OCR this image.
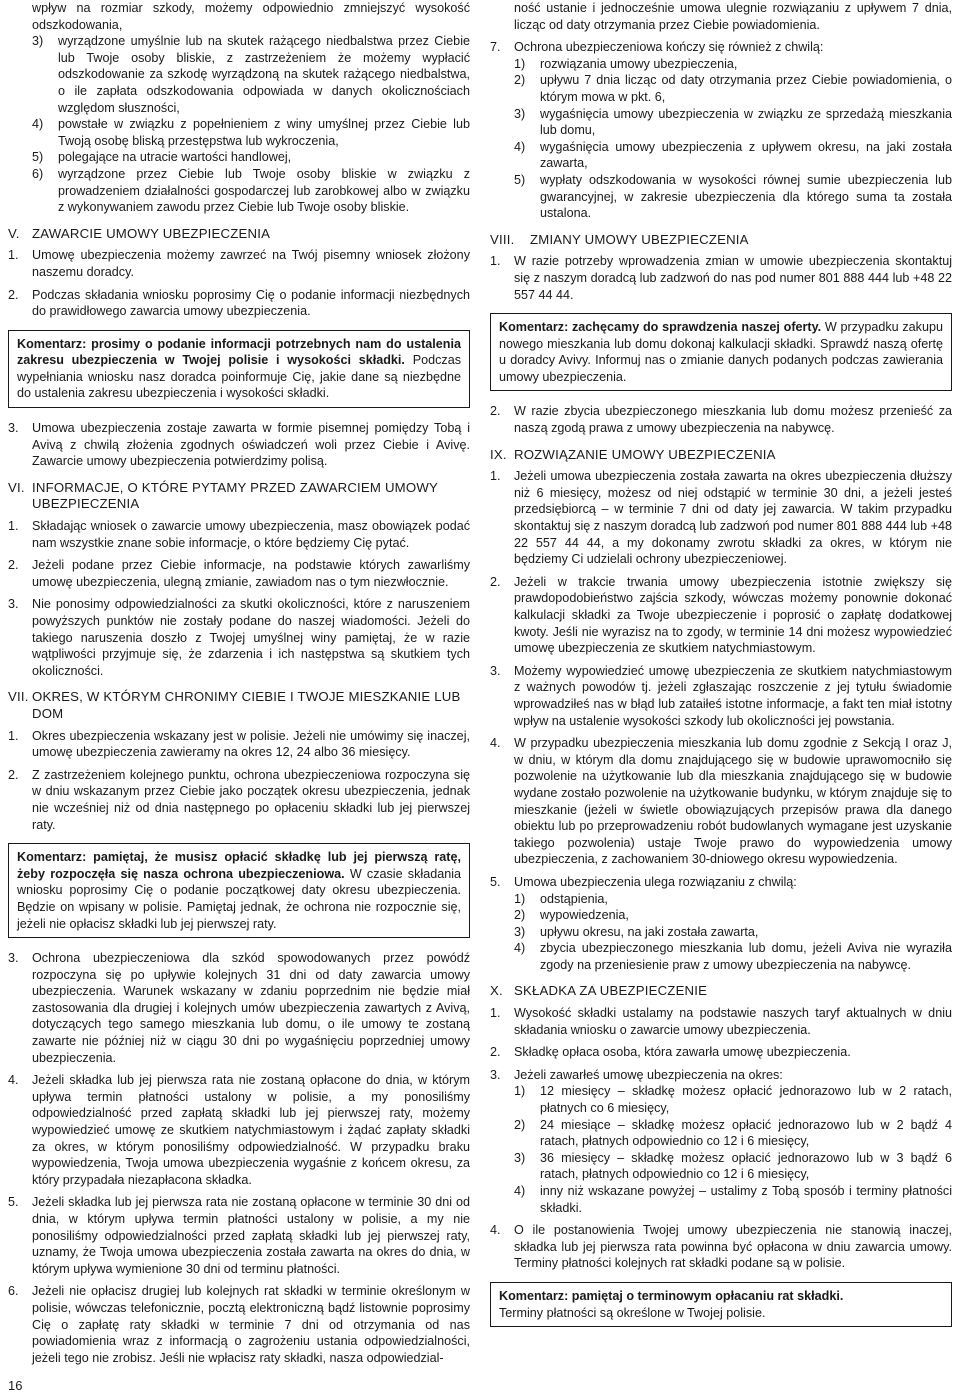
wpływ na rozmiar szkody, możemy odpowiednio zmniejszyć wysokość odszkodowania,
3)	wyrządzone umyślnie lub na skutek rażącego niedbalstwa przez Ciebie lub Twoje osoby bliskie, z zastrzeżeniem że możemy wypłacić odszkodowanie za szkodę wyrządzoną na skutek rażącego niedbalstwa, o ile zapłata odszkodowania odpowiada w danych okolicznościach względom słuszności,
4)	powstałe w związku z popełnieniem z winy umyślnej przez Ciebie lub Twoją osobę bliską przestępstwa lub wykroczenia,
5)	polegające na utracie wartości handlowej,
6)	wyrządzone przez Ciebie lub Twoje osoby bliskie w związku z prowadzeniem działalności gospodarczej lub zarobkowej albo w związku z wykonywaniem zawodu przez Ciebie lub Twoje osoby bliskie.
V. ZAWARCIE UMOWY UBEZPIECZENIA
1.	Umowę ubezpieczenia możemy zawrzeć na Twój pisemny wniosek złożony naszemu doradcy.
2.	Podczas składania wniosku poprosimy Cię o podanie informacji niezbędnych do prawidłowego zawarcia umowy ubezpieczenia.
Komentarz: prosimy o podanie informacji potrzebnych nam do ustalenia zakresu ubezpieczenia w Twojej polisie i wysokości składki. Podczas wypełniania wniosku nasz doradca poinformuje Cię, jakie dane są niezbędne do ustalenia zakresu ubezpieczenia i wysokości składki.
3.	Umowa ubezpieczenia zostaje zawarta w formie pisemnej pomiędzy Tobą i Avivą z chwilą złożenia zgodnych oświadczeń woli przez Ciebie i Avivę. Zawarcie umowy ubezpieczenia potwierdzimy polisą.
VI. INFORMACJE, O KTÓRE PYTAMY PRZED ZAWARCIEM UMOWY UBEZPIECZENIA
1.	Składając wniosek o zawarcie umowy ubezpieczenia, masz obowiązek podać nam wszystkie znane sobie informacje, o które będziemy Cię pytać.
2.	Jeżeli podane przez Ciebie informacje, na podstawie których zawarliśmy umowę ubezpieczenia, ulegną zmianie, zawiadom nas o tym niezwłocznie.
3.	Nie ponosimy odpowiedzialności za skutki okoliczności, które z naruszeniem powyższych punktów nie zostały podane do naszej wiadomości. Jeżeli do takiego naruszenia doszło z Twojej umyślnej winy pamiętaj, że w razie wątpliwości przyjmuje się, że zdarzenia i ich następstwa są skutkiem tych okoliczności.
VII. OKRES, W KTÓRYM CHRONIMY CIEBIE I TWOJE MIESZKANIE LUB DOM
1.	Okres ubezpieczenia wskazany jest w polisie. Jeżeli nie umówimy się inaczej, umowę ubezpieczenia zawieramy na okres 12, 24 albo 36 miesięcy.
2.	Z zastrzeżeniem kolejnego punktu, ochrona ubezpieczeniowa rozpoczyna się w dniu wskazanym przez Ciebie jako początek okresu ubezpieczenia, jednak nie wcześniej niż od dnia następnego po opłaceniu składki lub jej pierwszej raty.
Komentarz: pamiętaj, że musisz opłacić składkę lub jej pierwszą ratę, żeby rozpoczęła się nasza ochrona ubezpieczeniowa. W czasie składania wniosku poprosimy Cię o podanie początkowej daty okresu ubezpieczenia. Będzie on wpisany w polisie. Pamiętaj jednak, że ochrona nie rozpocznie się, jeżeli nie opłacisz składki lub jej pierwszej raty.
3.	Ochrona ubezpieczeniowa dla szkód spowodowanych przez powódź rozpoczyna się po upływie kolejnych 31 dni od daty zawarcia umowy ubezpieczenia. Warunek wskazany w zdaniu poprzednim nie będzie miał zastosowania dla drugiej i kolejnych umów ubezpieczenia zawartych z Avivą, dotyczących tego samego mieszkania lub domu, o ile umowy te zostaną zawarte nie później niż w ciągu 30 dni po wygaśnięciu poprzedniej umowy ubezpieczenia.
4.	Jeżeli składka lub jej pierwsza rata nie zostaną opłacone do dnia, w którym upływa termin płatności ustalony w polisie, a my ponosiliśmy odpowiedzialność przed zapłatą składki lub jej pierwszej raty, możemy wypowiedzieć umowę ze skutkiem natychmiastowym i żądać zapłaty składki za okres, w którym ponosiliśmy odpowiedzialność. W przypadku braku wypowiedzenia, Twoja umowa ubezpieczenia wygaśnie z końcem okresu, za który przypadała niezapłacona składka.
5.	Jeżeli składka lub jej pierwsza rata nie zostaną opłacone w terminie 30 dni od dnia, w którym upływa termin płatności ustalony w polisie, a my nie ponosiliśmy odpowiedzialności przed zapłatą składki lub jej pierwszej raty, uznamy, że Twoja umowa ubezpieczenia została zawarta na okres do dnia, w którym upływa wymienione 30 dni od terminu płatności.
6.	Jeżeli nie opłacisz drugiej lub kolejnych rat składki w terminie określonym w polisie, wówczas telefonicznie, pocztą elektroniczną bądź listownie poprosimy Cię o zapłatę raty składki w terminie 7 dni od otrzymania od nas powiadomienia wraz z informacją o zagrożeniu ustania odpowiedzialności, jeżeli tego nie zrobisz. Jeśli nie wpłacisz raty składki, nasza odpowiedzial-
ność ustanie i jednocześnie umowa ulegnie rozwiązaniu z upływem 7 dnia, licząc od daty otrzymania przez Ciebie powiadomienia.
7.	Ochrona ubezpieczeniowa kończy się również z chwilą:
1)	rozwiązania umowy ubezpieczenia,
2)	upływu 7 dnia licząc od daty otrzymania przez Ciebie powiadomienia, o którym mowa w pkt. 6,
3)	wygaśnięcia umowy ubezpieczenia w związku ze sprzedażą mieszkania lub domu,
4)	wygaśnięcia umowy ubezpieczenia z upływem okresu, na jaki została zawarta,
5)	wypłaty odszkodowania w wysokości równej sumie ubezpieczenia lub gwarancyjnej, w zakresie ubezpieczenia dla którego suma ta została ustalona.
VIII.	ZMIANY UMOWY UBEZPIECZENIA
1.	W razie potrzeby wprowadzenia zmian w umowie ubezpieczenia skontaktuj się z naszym doradcą lub zadzwoń do nas pod numer 801 888 444 lub +48 22 557 44 44.
Komentarz: zachęcamy do sprawdzenia naszej oferty. W przypadku zakupu nowego mieszkania lub domu dokonaj kalkulacji składki. Sprawdź naszą ofertę u doradcy Avivy. Informuj nas o zmianie danych podanych podczas zawierania umowy ubezpieczenia.
2.	W razie zbycia ubezpieczonego mieszkania lub domu możesz przenieść za naszą zgodą prawa z umowy ubezpieczenia na nabywcę.
IX. ROZWIĄZANIE UMOWY UBEZPIECZENIA
1.	Jeżeli umowa ubezpieczenia została zawarta na okres ubezpieczenia dłuższy niż 6 miesięcy, możesz od niej odstąpić w terminie 30 dni, a jeżeli jesteś przedsiębiorcą – w terminie 7 dni od daty jej zawarcia. W takim przypadku skontaktuj się z naszym doradcą lub zadzwoń pod numer 801 888 444 lub +48 22 557 44 44, a my dokonamy zwrotu składki za okres, w którym nie będziemy Ci udzielali ochrony ubezpieczeniowej.
2.	Jeżeli w trakcie trwania umowy ubezpieczenia istotnie zwiększy się prawdopodobieństwo zajścia szkody, wówczas możemy ponownie dokonać kalkulacji składki za Twoje ubezpieczenie i poprosić o zapłatę dodatkowej kwoty. Jeśli nie wyrazisz na to zgody, w terminie 14 dni możesz wypowiedzieć umowę ubezpieczenia ze skutkiem natychmiastowym.
3.	Możemy wypowiedzieć umowę ubezpieczenia ze skutkiem natychmiastowym z ważnych powodów tj. jeżeli zgłaszając roszczenie z jej tytułu świadomie wprowadziłeś nas w błąd lub zataiłeś istotne informacje, a fakt ten miał istotny wpływ na ustalenie wysokości szkody lub okoliczności jej powstania.
4.	W przypadku ubezpieczenia mieszkania lub domu zgodnie z Sekcją I oraz J, w dniu, w którym dla domu znajdującego się w budowie uprawomocniło się pozwolenie na użytkowanie lub dla mieszkania znajdującego się w budowie wydane zostało pozwolenie na użytkowanie budynku, w którym znajduje się to mieszkanie (jeżeli w świetle obowiązujących przepisów prawa dla danego obiektu lub po przeprowadzeniu robót budowlanych wymagane jest uzyskanie takiego pozwolenia) ustaje Twoje prawo do wypowiedzenia umowy ubezpieczenia, z zachowaniem 30-dniowego okresu wypowiedzenia.
5.	Umowa ubezpieczenia ulega rozwiązaniu z chwilą:
1)	odstąpienia,
2)	wypowiedzenia,
3)	upływu okresu, na jaki została zawarta,
4)	zbycia ubezpieczonego mieszkania lub domu, jeżeli Aviva nie wyraziła zgody na przeniesienie praw z umowy ubezpieczenia na nabywcę.
X. SKŁADKA ZA UBEZPIECZENIE
1.	Wysokość składki ustalamy na podstawie naszych taryf aktualnych w dniu składania wniosku o zawarcie umowy ubezpieczenia.
2.	Składkę opłaca osoba, która zawarła umowę ubezpieczenia.
3.	Jeżeli zawarłeś umowę ubezpieczenia na okres:
1)	12 miesięcy – składkę możesz opłacić jednorazowo lub w 2 ratach, płatnych co 6 miesięcy,
2)	24 miesiące – składkę możesz opłacić jednorazowo lub w 2 bądź 4 ratach, płatnych odpowiednio co 12 i 6 miesięcy,
3)	36 miesięcy – składkę możesz opłacić jednorazowo lub w 3 bądź 6 ratach, płatnych odpowiednio co 12 i 6 miesięcy,
4)	inny niż wskazane powyżej – ustalimy z Tobą sposób i terminy płatności składki.
4.	O ile postanowienia Twojej umowy ubezpieczenia nie stanowią inaczej, składka lub jej pierwsza rata powinna być opłacona w dniu zawarcia umowy. Terminy płatności kolejnych rat składki podane są w polisie.
Komentarz: pamiętaj o terminowym opłacaniu rat składki.
Terminy płatności są określone w Twojej polisie.
16
